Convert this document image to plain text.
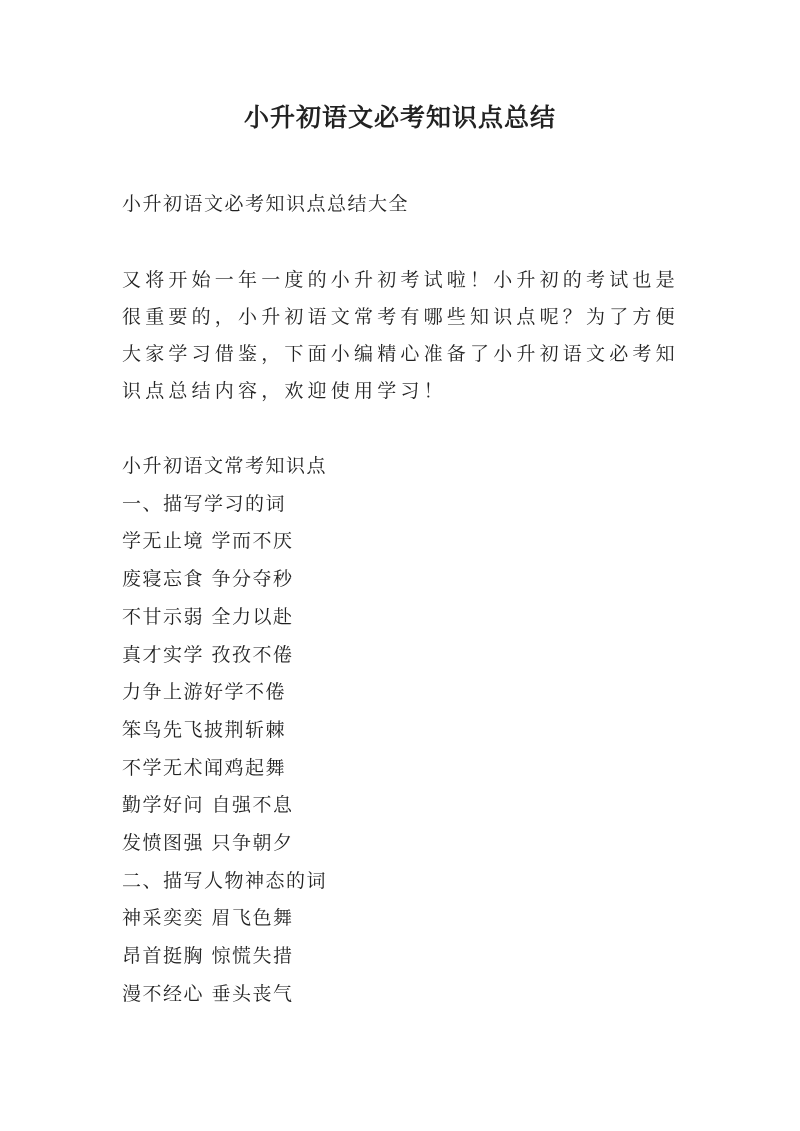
小升初语文必考知识点总结

小升初语文必考知识点总结大全

又将开始一年一度的小升初考试啦！小升初的考试也是很重要的，小升初语文常考有哪些知识点呢？为了方便大家学习借鉴，下面小编精心准备了小升初语文必考知识点总结内容，欢迎使用学习！

小升初语文常考知识点
一、描写学习的词
学无止境 学而不厌
废寝忘食 争分夺秒
不甘示弱 全力以赴
真才实学 孜孜不倦
力争上游好学不倦
笨鸟先飞披荆斩棘
不学无术闻鸡起舞
勤学好问 自强不息
发愤图强 只争朝夕
二、描写人物神态的词
神采奕奕 眉飞色舞
昂首挺胸 惊慌失措
漫不经心 垂头丧气
